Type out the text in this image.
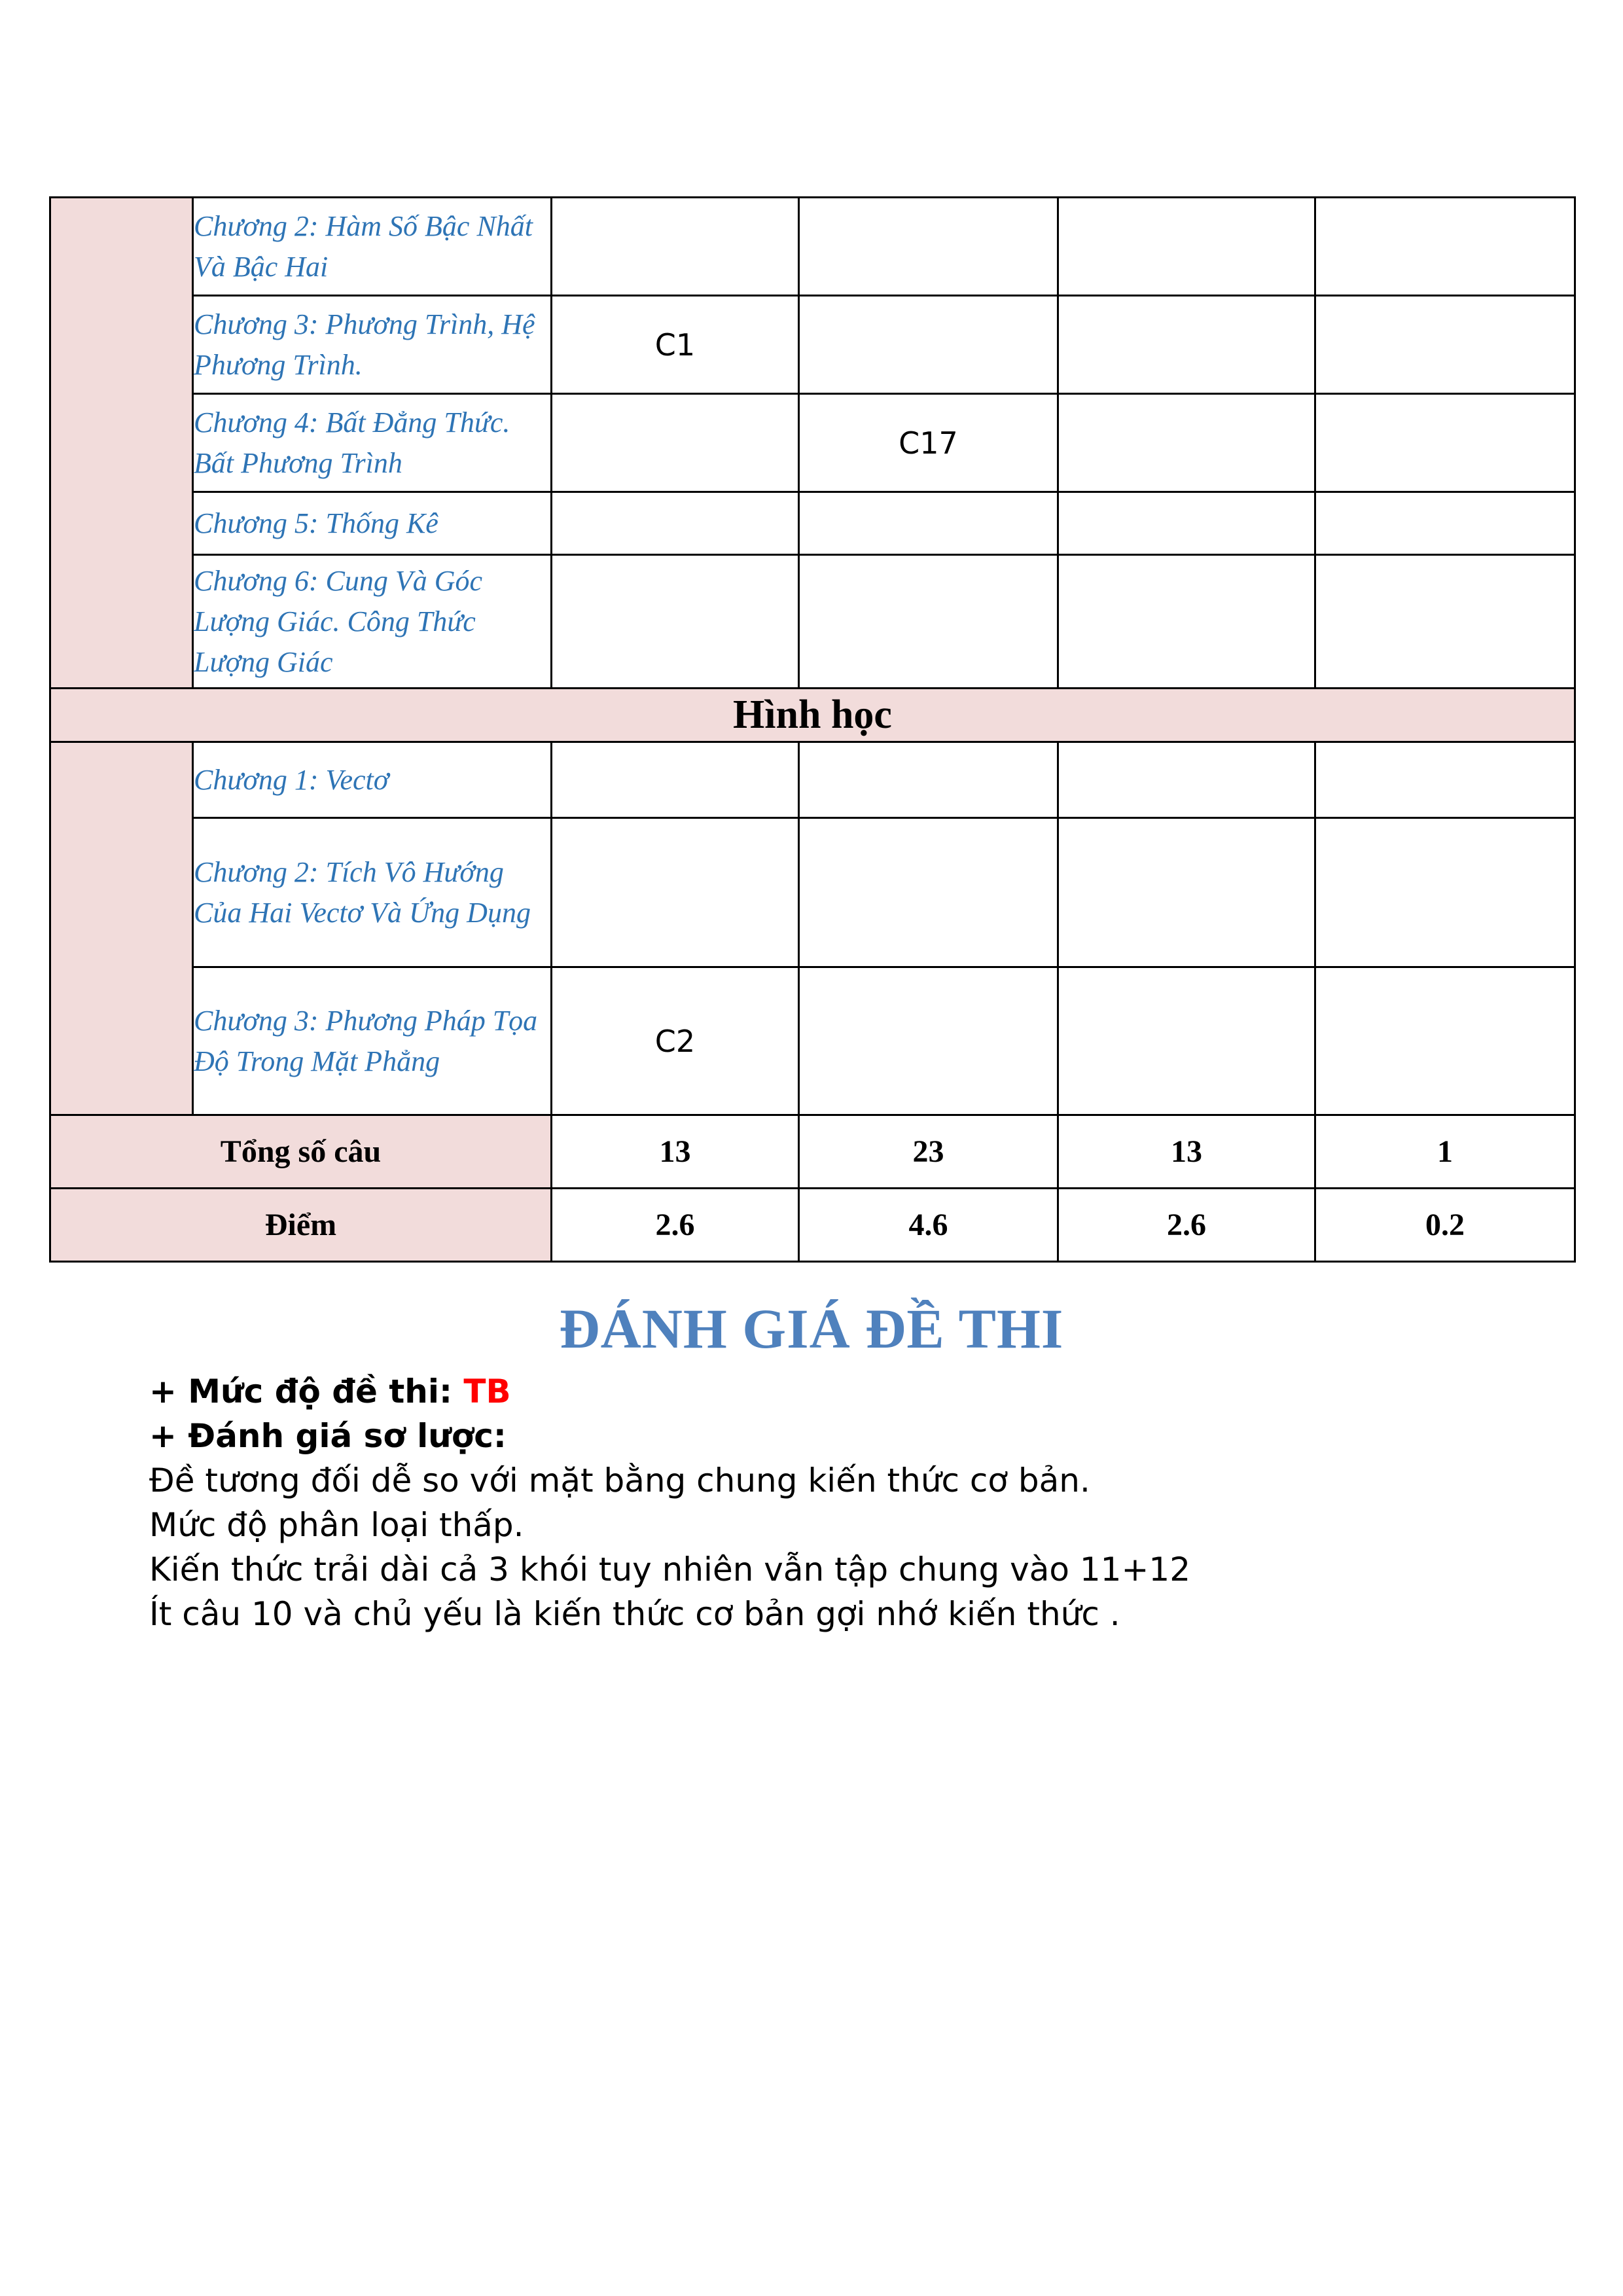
	Chương 2: Hàm Số Bậc Nhất Và Bậc Hai				
	Chương 3: Phương Trình, Hệ Phương Trình.	C1			
	Chương 4: Bất Đẳng Thức. Bất Phương Trình		C17		
	Chương 5: Thống Kê				
	Chương 6: Cung Và Góc Lượng Giác. Công Thức Lượng Giác				
Hình học					
	Chương 1: Vectơ				
	Chương 2: Tích Vô Hướng Của Hai Vectơ Và Ứng Dụng				
	Chương 3: Phương Pháp Tọa Độ Trong Mặt Phẳng	C2			
Tổng số câu		13	23	13	1
Điểm		2.6	4.6	2.6	0.2
ĐÁNH GIÁ ĐỀ THI
+ Mức độ đề thi: TB
+ Đánh giá sơ lược:
Đề tương đối dễ so với mặt bằng chung kiến thức cơ bản.
Mức độ phân loại thấp.
Kiến thức trải dài cả 3 khói tuy nhiên vẫn tập chung vào 11+12
Ít câu 10 và chủ yếu là kiến thức cơ bản gợi nhớ kiến thức .
